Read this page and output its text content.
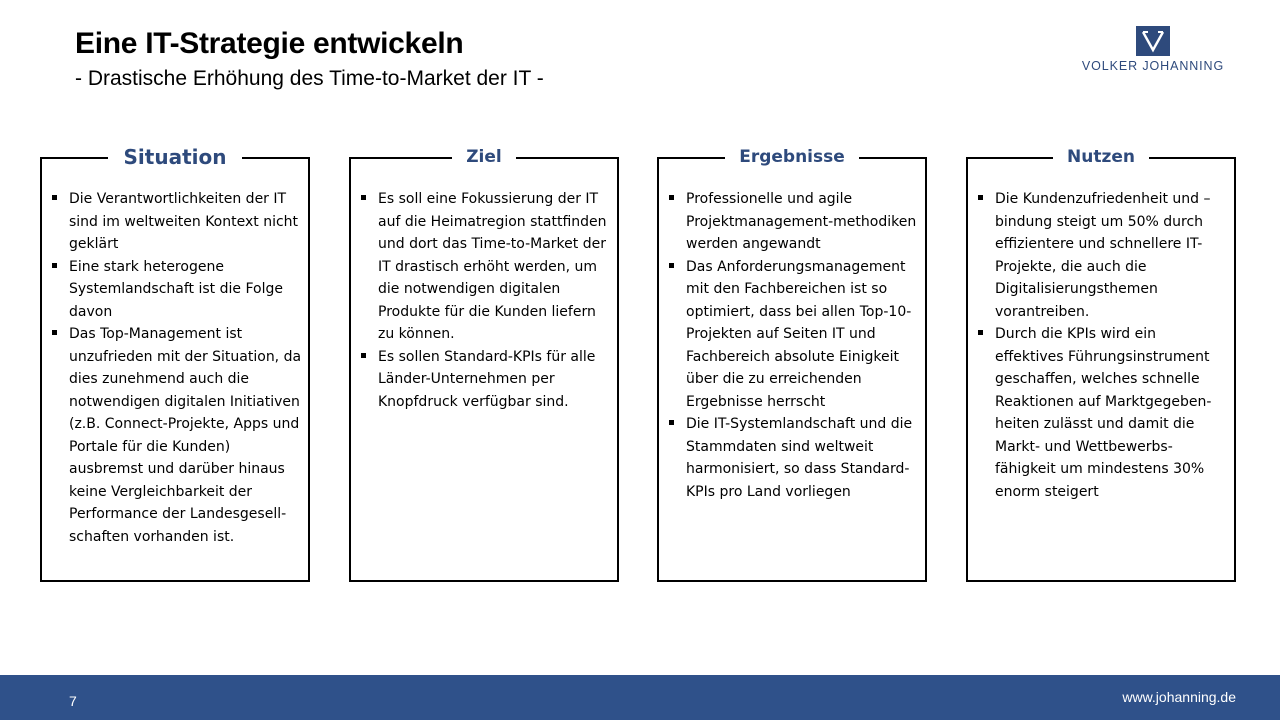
Eine IT-Strategie entwickeln
- Drastische Erhöhung des Time-to-Market der IT -
VOLKER JOHANNING
Situation
Die Verantwortlichkeiten der IT sind im weltweiten Kontext nicht geklärt
Eine stark heterogene Systemlandschaft ist die Folge davon
Das Top-Management ist unzufrieden mit der Situation, da dies zunehmend auch die notwendigen digitalen Initiativen (z.B. Connect-Projekte, Apps und Portale für die Kunden) ausbremst und darüber hinaus keine Vergleichbarkeit der Performance der Landesgesell-schaften vorhanden ist.
Ziel
Es soll eine Fokussierung der IT auf die Heimatregion stattfinden und dort das Time-to-Market der IT drastisch erhöht werden, um die notwendigen digitalen Produkte für die Kunden liefern zu können.
Es sollen Standard-KPIs für alle Länder-Unternehmen per Knopfdruck verfügbar sind.
Ergebnisse
Professionelle und agile Projektmanagement-methodiken werden angewandt
Das Anforderungsmanagement mit den Fachbereichen ist so optimiert, dass bei allen Top-10-Projekten auf Seiten IT und Fachbereich absolute Einigkeit über die zu erreichenden Ergebnisse herrscht
Die IT-Systemlandschaft und die Stammdaten sind weltweit harmonisiert, so dass Standard-KPIs pro Land vorliegen
Nutzen
Die Kundenzufriedenheit und –bindung steigt um 50% durch effizientere und schnellere IT-Projekte, die auch die Digitalisierungsthemen vorantreiben.
Durch die KPIs wird ein effektives Führungsinstrument geschaffen, welches schnelle Reaktionen auf Marktgegeben-heiten zulässt und damit die Markt- und Wettbewerbs-fähigkeit um mindestens 30% enorm steigert
7	www.johanning.de
